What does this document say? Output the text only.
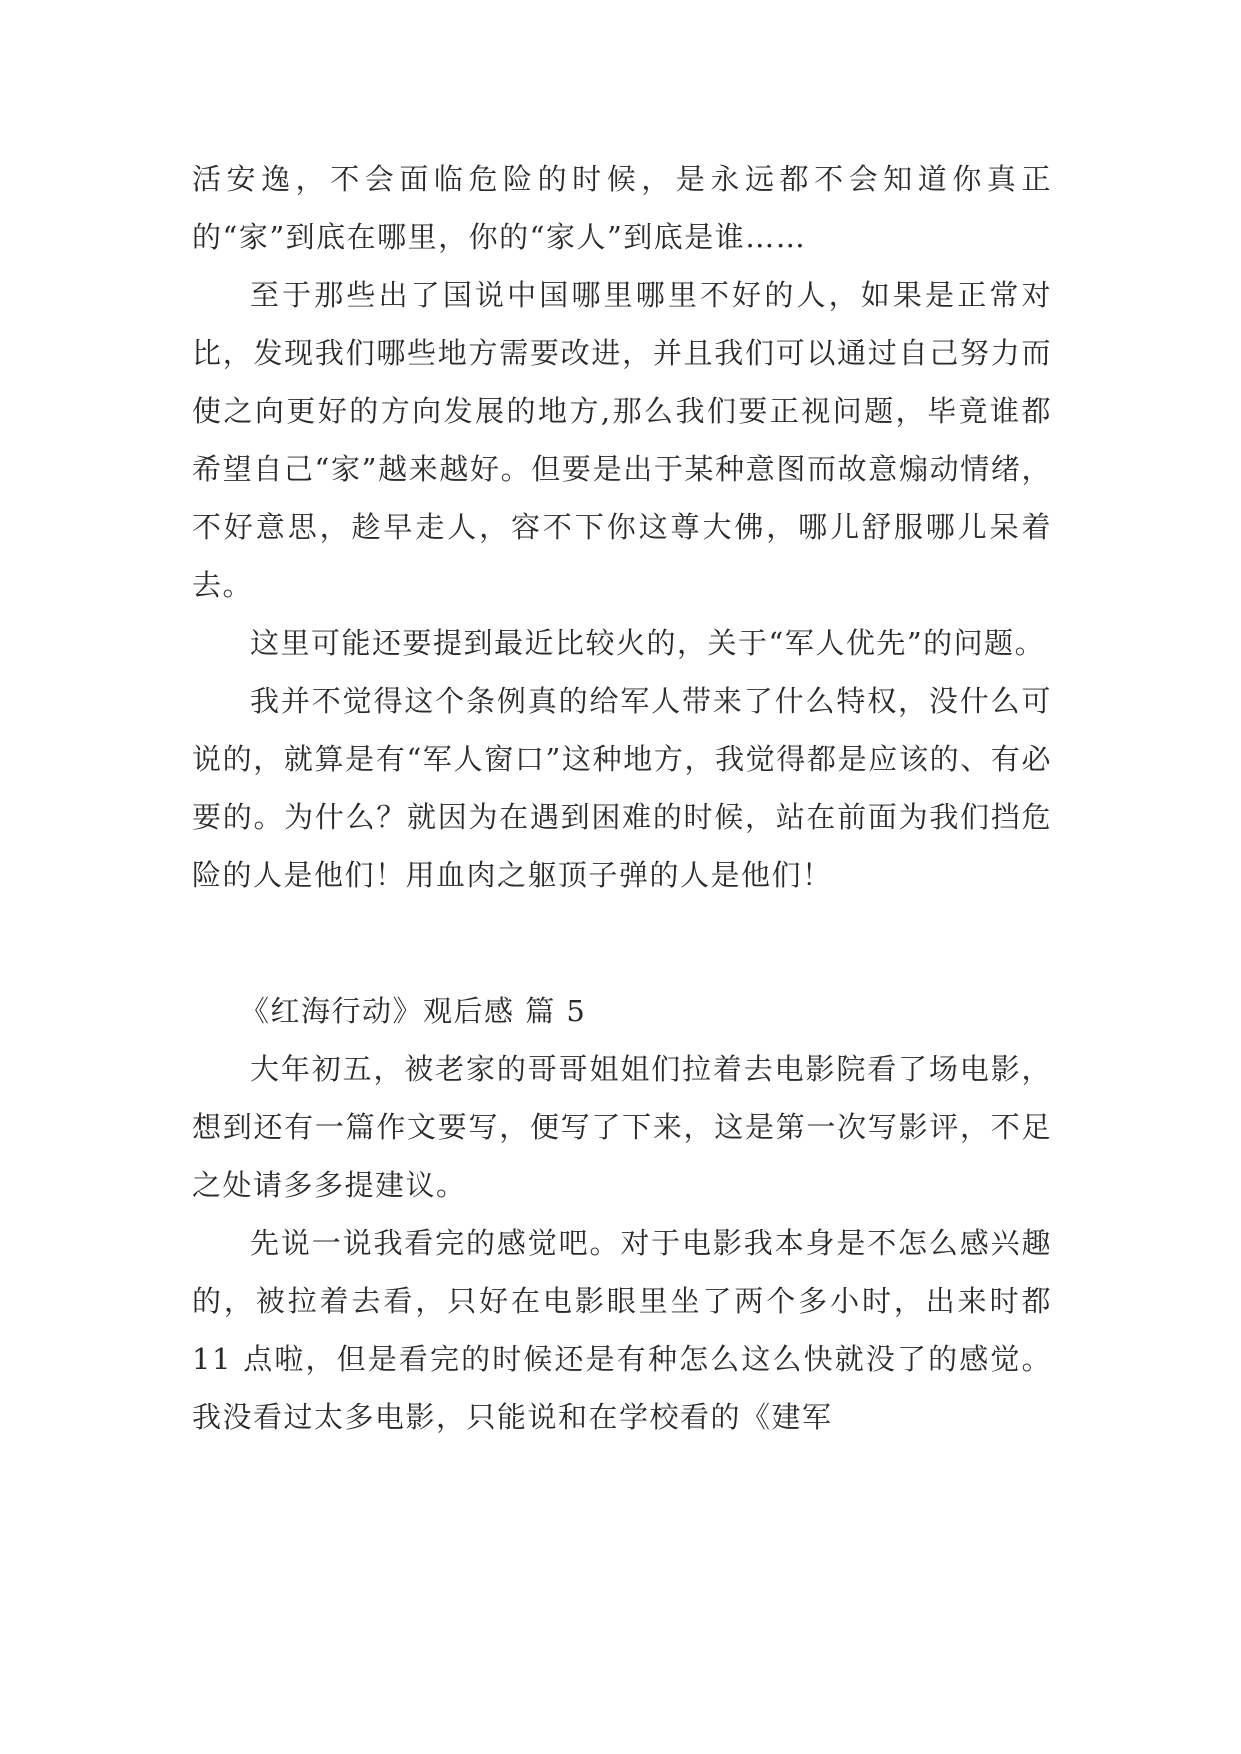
活安逸，不会面临危险的时候，是永远都不会知道你真正的“家”到底在哪里，你的“家人”到底是谁……

至于那些出了国说中国哪里哪里不好的人，如果是正常对比，发现我们哪些地方需要改进，并且我们可以通过自己努力而使之向更好的方向发展的地方,那么我们要正视问题，毕竟谁都希望自己“家”越来越好。但要是出于某种意图而故意煽动情绪，不好意思，趁早走人，容不下你这尊大佛，哪儿舒服哪儿呆着去。

这里可能还要提到最近比较火的，关于“军人优先”的问题。

我并不觉得这个条例真的给军人带来了什么特权，没什么可说的，就算是有“军人窗口”这种地方，我觉得都是应该的、有必要的。为什么？就因为在遇到困难的时候，站在前面为我们挡危险的人是他们！用血肉之躯顶子弹的人是他们！

《红海行动》观后感 篇 5

大年初五，被老家的哥哥姐姐们拉着去电影院看了场电影，想到还有一篇作文要写，便写了下来，这是第一次写影评，不足之处请多多提建议。

先说一说我看完的感觉吧。对于电影我本身是不怎么感兴趣的，被拉着去看，只好在电影眼里坐了两个多小时，出来时都 11 点啦，但是看完的时候还是有种怎么这么快就没了的感觉。我没看过太多电影，只能说和在学校看的《建军
